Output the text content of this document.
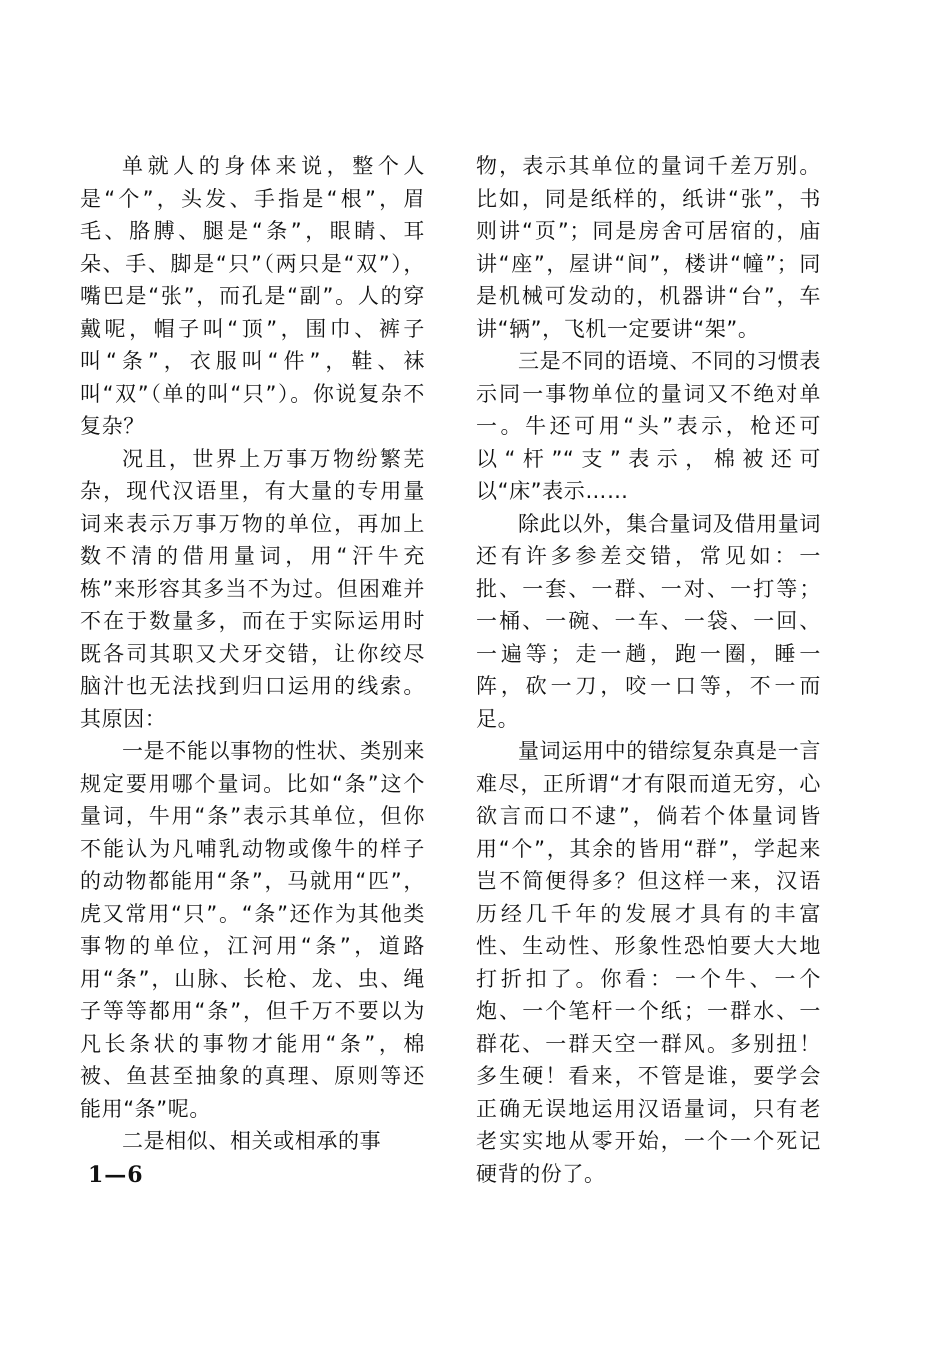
单就人的身体来说，整个人是“个”，头发、手指是“根”，眉毛、胳膊、腿是“条”，眼睛、耳朵、手、脚是“只”（两只是“双”），嘴巴是“张”，而孔是“副”。人的穿戴呢，帽子叫“顶”，围巾、裤子叫“条”，衣服叫“件”，鞋、袜叫“双”（单的叫“只”）。你说复杂不复杂？

况且，世界上万事万物纷繁芜杂，现代汉语里，有大量的专用量词来表示万事万物的单位，再加上数不清的借用量词，用“汗牛充栋”来形容其多当不为过。但困难并不在于数量多，而在于实际运用时既各司其职又犬牙交错，让你绞尽脑汁也无法找到归口运用的线索。其原因：

一是不能以事物的性状、类别来规定要用哪个量词。比如“条”这个量词，牛用“条”表示其单位，但你不能认为凡哺乳动物或像牛的样子的动物都能用“条”，马就用“匹”，虎又常用“只”。“条”还作为其他类事物的单位，江河用“条”，道路用“条”，山脉、长枪、龙、虫、绳子等等都用“条”，但千万不要以为凡长条状的事物才能用“条”，棉被、鱼甚至抽象的真理、原则等还能用“条”呢。

二是相似、相关或相承的事

物，表示其单位的量词千差万别。比如，同是纸样的，纸讲“张”，书则讲“页”；同是房舍可居宿的，庙讲“座”，屋讲“间”，楼讲“幢”；同是机械可发动的，机器讲“台”，车讲“辆”，飞机一定要讲“架”。

三是不同的语境、不同的习惯表示同一事物单位的量词又不绝对单一。牛还可用“头”表示，枪还可以“杆”“支”表示，棉被还可以“床”表示……

除此以外，集合量词及借用量词还有许多参差交错，常见如：一批、一套、一群、一对、一打等；一桶、一碗、一车、一袋、一回、一遍等；走一趟，跑一圈，睡一阵，砍一刀，咬一口等，不一而足。

量词运用中的错综复杂真是一言难尽，正所谓“才有限而道无穷，心欲言而口不逮”，倘若个体量词皆用“个”，其余的皆用“群”，学起来岂不简便得多？但这样一来，汉语历经几千年的发展才具有的丰富性、生动性、形象性恐怕要大大地打折扣了。你看：一个牛、一个炮、一个笔杆一个纸；一群水、一群花、一群天空一群风。多别扭！多生硬！看来，不管是谁，要学会正确无误地运用汉语量词，只有老老实实地从零开始，一个一个死记硬背的份了。

1—6
